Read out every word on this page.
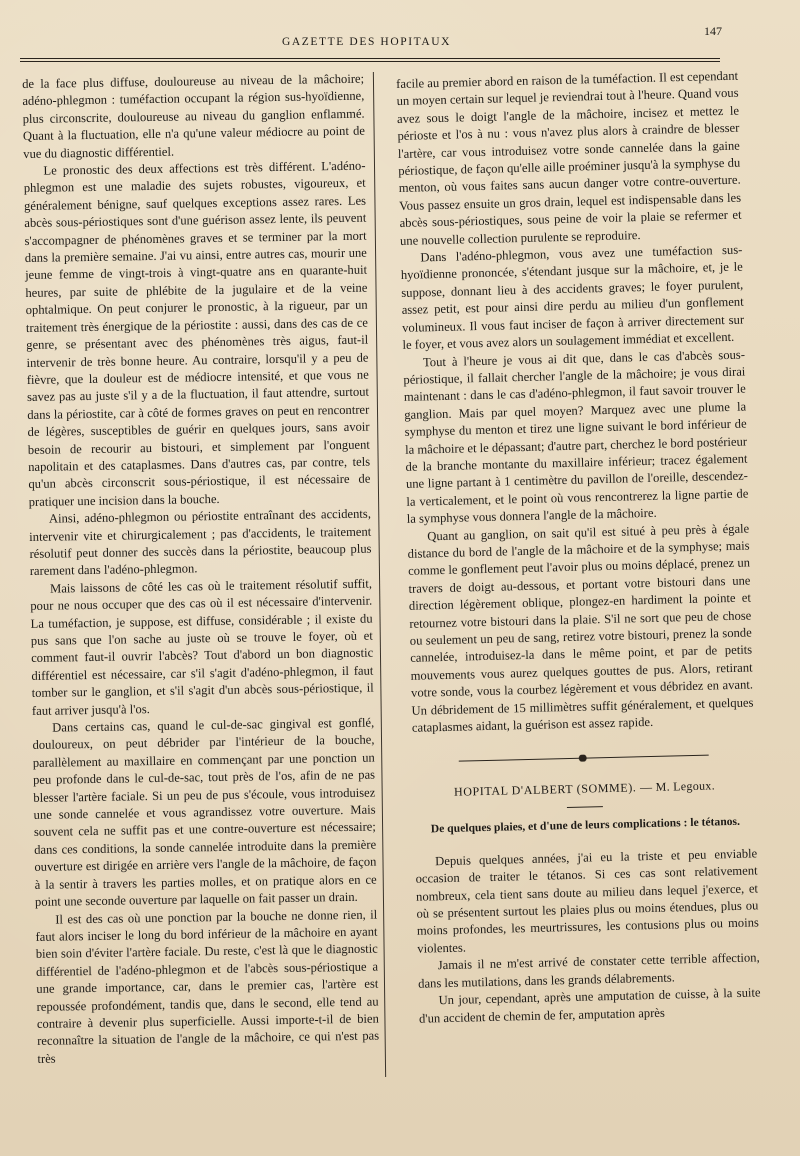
GAZETTE DES HOPITAUX
147

de la face plus diffuse, douloureuse au niveau de la mâchoire; adéno-phlegmon : tuméfaction occupant la région sus-hyoïdienne, plus circonscrite, douloureuse au niveau du ganglion enflammé. Quant à la fluctuation, elle n'a qu'une valeur médiocre au point de vue du diagnostic différentiel.

Le pronostic des deux affections est très différent. L'adéno-phlegmon est une maladie des sujets robustes, vigoureux, et généralement bénigne, sauf quelques exceptions assez rares. Les abcès sous-périostiques sont d'une guérison assez lente, ils peuvent s'accompagner de phénomènes graves et se terminer par la mort dans la première semaine. J'ai vu ainsi, entre autres cas, mourir une jeune femme de vingt-trois à vingt-quatre ans en quarante-huit heures, par suite de phlébite de la jugulaire et de la veine ophtalmique. On peut conjurer le pronostic, à la rigueur, par un traitement très énergique de la périostite : aussi, dans des cas de ce genre, se présentant avec des phénomènes très aigus, faut-il intervenir de très bonne heure. Au contraire, lorsqu'il y a peu de fièvre, que la douleur est de médiocre intensité, et que vous ne savez pas au juste s'il y a de la fluctuation, il faut attendre, surtout dans la périostite, car à côté de formes graves on peut en rencontrer de légères, susceptibles de guérir en quelques jours, sans avoir besoin de recourir au bistouri, et simplement par l'onguent napolitain et des cataplasmes. Dans d'autres cas, par contre, tels qu'un abcès circonscrit sous-périostique, il est nécessaire de pratiquer une incision dans la bouche.

Ainsi, adéno-phlegmon ou périostite entraînant des accidents, intervenir vite et chirurgicalement ; pas d'accidents, le traitement résolutif peut donner des succès dans la périostite, beaucoup plus rarement dans l'adéno-phlegmon.

Mais laissons de côté les cas où le traitement résolutif suffit, pour ne nous occuper que des cas où il est nécessaire d'intervenir. La tuméfaction, je suppose, est diffuse, considérable ; il existe du pus sans que l'on sache au juste où se trouve le foyer, où et comment faut-il ouvrir l'abcès? Tout d'abord un bon diagnostic différentiel est nécessaire, car s'il s'agit d'adéno-phlegmon, il faut tomber sur le ganglion, et s'il s'agit d'un abcès sous-périostique, il faut arriver jusqu'à l'os.

Dans certains cas, quand le cul-de-sac gingival est gonflé, douloureux, on peut débrider par l'intérieur de la bouche, parallèlement au maxillaire en commençant par une ponction un peu profonde dans le cul-de-sac, tout près de l'os, afin de ne pas blesser l'artère faciale. Si un peu de pus s'écoule, vous introduisez une sonde cannelée et vous agrandissez votre ouverture. Mais souvent cela ne suffit pas et une contre-ouverture est nécessaire; dans ces conditions, la sonde cannelée introduite dans la première ouverture est dirigée en arrière vers l'angle de la mâchoire, de façon à la sentir à travers les parties molles, et on pratique alors en ce point une seconde ouverture par laquelle on fait passer un drain.

Il est des cas où une ponction par la bouche ne donne rien, il faut alors inciser le long du bord inférieur de la mâchoire en ayant bien soin d'éviter l'artère faciale. Du reste, c'est là que le diagnostic différentiel de l'adéno-phlegmon et de l'abcès sous-périostique a une grande importance, car, dans le premier cas, l'artère est repoussée profondément, tandis que, dans le second, elle tend au contraire à devenir plus superficielle. Aussi importe-t-il de bien reconnaître la situation de l'angle de la mâchoire, ce qui n'est pas très

facile au premier abord en raison de la tuméfaction. Il est cependant un moyen certain sur lequel je reviendrai tout à l'heure. Quand vous avez sous le doigt l'angle de la mâchoire, incisez et mettez le périoste et l'os à nu : vous n'avez plus alors à craindre de blesser l'artère, car vous introduisez votre sonde cannelée dans la gaine périostique, de façon qu'elle aille proéminer jusqu'à la symphyse du menton, où vous faites sans aucun danger votre contre-ouverture. Vous passez ensuite un gros drain, lequel est indispensable dans les abcès sous-périostiques, sous peine de voir la plaie se refermer et une nouvelle collection purulente se reproduire.

Dans l'adéno-phlegmon, vous avez une tuméfaction sus-hyoïdienne prononcée, s'étendant jusque sur la mâchoire, et, je le suppose, donnant lieu à des accidents graves; le foyer purulent, assez petit, est pour ainsi dire perdu au milieu d'un gonflement volumineux. Il vous faut inciser de façon à arriver directement sur le foyer, et vous avez alors un soulagement immédiat et excellent.

Tout à l'heure je vous ai dit que, dans le cas d'abcès sous-périostique, il fallait chercher l'angle de la mâchoire; je vous dirai maintenant : dans le cas d'adéno-phlegmon, il faut savoir trouver le ganglion. Mais par quel moyen? Marquez avec une plume la symphyse du menton et tirez une ligne suivant le bord inférieur de la mâchoire et le dépassant; d'autre part, cherchez le bord postérieur de la branche montante du maxillaire inférieur; tracez également une ligne partant à 1 centimètre du pavillon de l'oreille, descendez-la verticalement, et le point où vous rencontrerez la ligne partie de la symphyse vous donnera l'angle de la mâchoire.

Quant au ganglion, on sait qu'il est situé à peu près à égale distance du bord de l'angle de la mâchoire et de la symphyse; mais comme le gonflement peut l'avoir plus ou moins déplacé, prenez un travers de doigt au-dessous, et portant votre bistouri dans une direction légèrement oblique, plongez-en hardiment la pointe et retournez votre bistouri dans la plaie. S'il ne sort que peu de chose ou seulement un peu de sang, retirez votre bistouri, prenez la sonde cannelée, introduisez-la dans le même point, et par de petits mouvements vous aurez quelques gouttes de pus. Alors, retirant votre sonde, vous la courbez légèrement et vous débridez en avant. Un débridement de 15 millimètres suffit généralement, et quelques cataplasmes aidant, la guérison est assez rapide.

HOPITAL D'ALBERT (SOMME). — M. Legoux.
De quelques plaies, et d'une de leurs complications : le tétanos.

Depuis quelques années, j'ai eu la triste et peu enviable occasion de traiter le tétanos. Si ces cas sont relativement nombreux, cela tient sans doute au milieu dans lequel j'exerce, et où se présentent surtout les plaies plus ou moins étendues, plus ou moins profondes, les meurtrissures, les contusions plus ou moins violentes.

Jamais il ne m'est arrivé de constater cette terrible affection, dans les mutilations, dans les grands délabrements.

Un jour, cependant, après une amputation de cuisse, à la suite d'un accident de chemin de fer, amputation après
